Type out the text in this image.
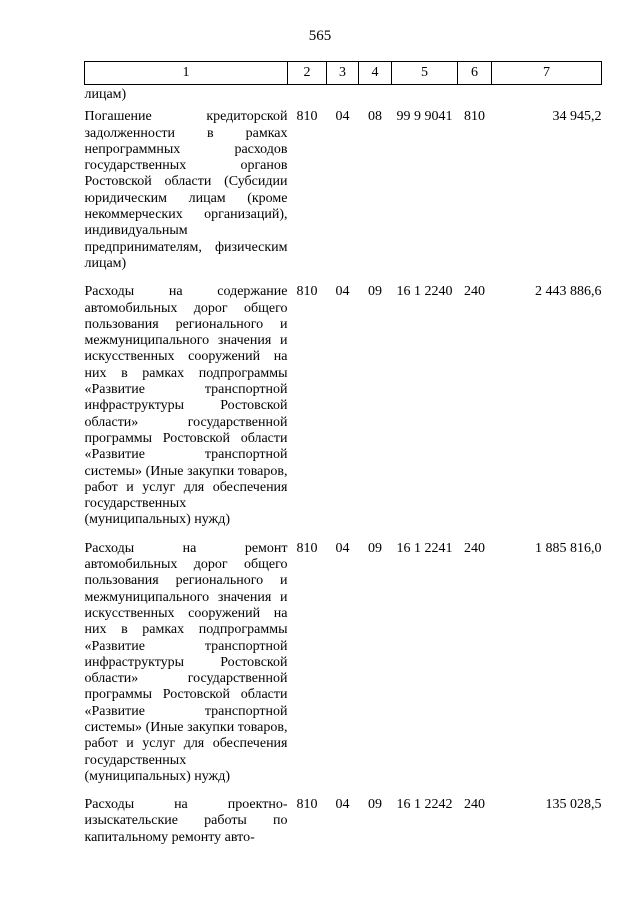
565
1	2	3	4	5	6	7
лицам)						
Погашение кредиторской задолженности в рамках непрограммных расходов государственных органов Ростовской области (Субсидии юридическим лицам (кроме некоммерческих организаций), индивидуальным предпринимателям, физическим лицам)	810	04	08	99 9 9041	810	34 945,2
Расходы на содержание автомобильных дорог общего пользования регионального и межмуниципального значения и искусственных сооружений на них в рамках подпрограммы «Развитие транспортной инфраструктуры Ростовской области» государственной программы Ростовской области «Развитие транспортной системы» (Иные закупки товаров, работ и услуг для обеспечения государственных (муниципальных) нужд)	810	04	09	16 1 2240	240	2 443 886,6
Расходы на ремонт автомобильных дорог общего пользования регионального и межмуниципального значения и искусственных сооружений на них в рамках подпрограммы «Развитие транспортной инфраструктуры Ростовской области» государственной программы Ростовской области «Развитие транспортной системы» (Иные закупки товаров, работ и услуг для обеспечения государственных (муниципальных) нужд)	810	04	09	16 1 2241	240	1 885 816,0
Расходы на проектно-изыскательские работы по капитальному ремонту авто-	810	04	09	16 1 2242	240	135 028,5
